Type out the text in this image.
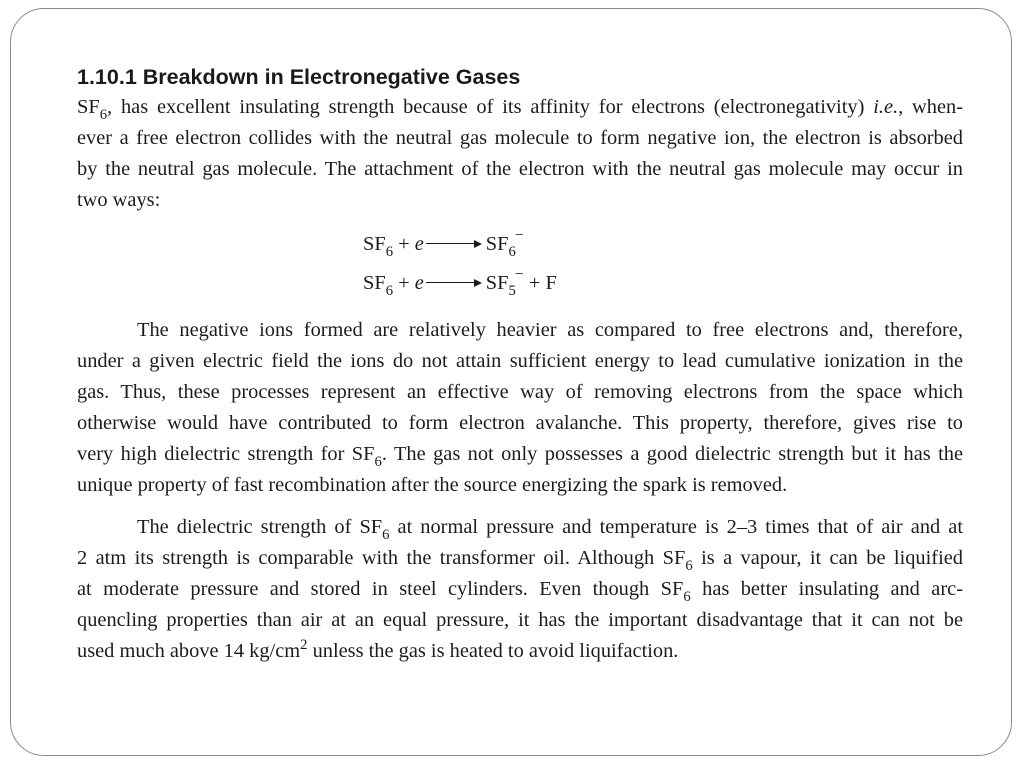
1.10.1 Breakdown in Electronegative Gases

$SF_6$, has excellent insulating strength because of its affinity for electrons (electronegativity) i.e., when-
ever a free electron collides with the neutral gas molecule to form negative ion, the electron is absorbed
by the neutral gas molecule. The attachment of the electron with the neutral gas molecule may occur in
two ways:

$SF_6 + e$	$SF_6$
−
$SF_6 + e$	$SF_5$
− + F

The negative ions formed are relatively heavier as compared to free electrons and, therefore,
under a given electric field the ions do not attain sufficient energy to lead cumulative ionization in the
gas. Thus, these processes represent an effective way of removing electrons from the space which
otherwise would have contributed to form electron avalanche. This property, therefore, gives rise to
very high dielectric strength for $SF_6$. The gas not only possesses a good dielectric strength but it has the
unique property of fast recombination after the source energizing the spark is removed.

The dielectric strength of $SF_6$ at normal pressure and temperature is 2–3 times that of air and at
2 atm its strength is comparable with the transformer oil. Although $SF_6$ is a vapour, it can be liquified
at moderate pressure and stored in steel cylinders. Even though $SF_6$ has better insulating and arc-
quencling properties than air at an equal pressure, it has the important disadvantage that it can not be
used much above 14 $kg/cm^2$ unless the gas is heated to avoid liquifaction.
